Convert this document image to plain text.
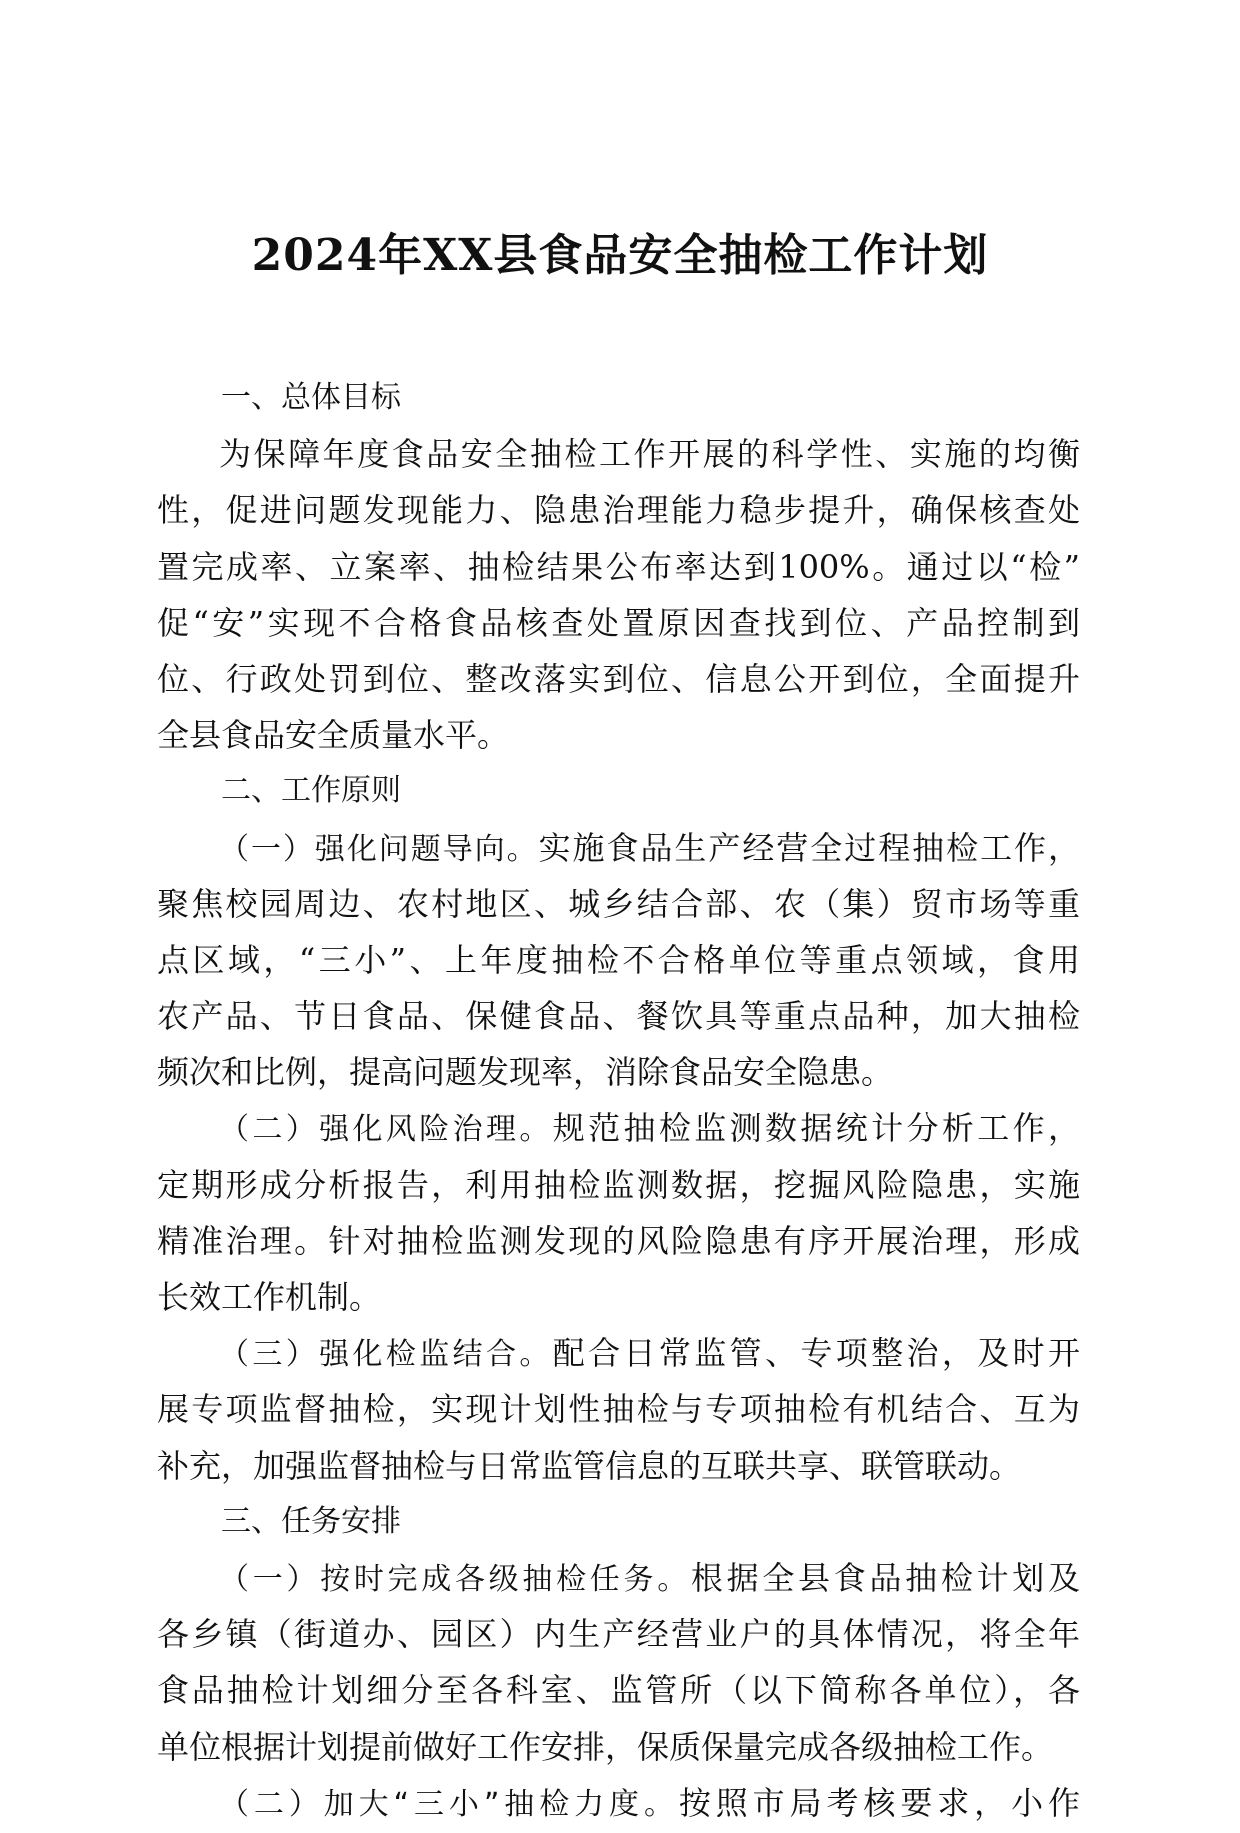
2024年XX县食品安全抽检工作计划
一、总体目标
为保障年度食品安全抽检工作开展的科学性、实施的均衡
性，促进问题发现能力、隐患治理能力稳步提升，确保核查处
置完成率、立案率、抽检结果公布率达到100%。通过以“检”
促“安”实现不合格食品核查处置原因查找到位、产品控制到
位、行政处罚到位、整改落实到位、信息公开到位，全面提升
全县食品安全质量水平。
二、工作原则
（一）强化问题导向。实施食品生产经营全过程抽检工作，
聚焦校园周边、农村地区、城乡结合部、农（集）贸市场等重
点区域，“三小”、上年度抽检不合格单位等重点领域，食用
农产品、节日食品、保健食品、餐饮具等重点品种，加大抽检
频次和比例，提高问题发现率，消除食品安全隐患。
（二）强化风险治理。规范抽检监测数据统计分析工作，
定期形成分析报告，利用抽检监测数据，挖掘风险隐患，实施
精准治理。针对抽检监测发现的风险隐患有序开展治理，形成
长效工作机制。
（三）强化检监结合。配合日常监管、专项整治，及时开
展专项监督抽检，实现计划性抽检与专项抽检有机结合、互为
补充，加强监督抽检与日常监管信息的互联共享、联管联动。
三、任务安排
（一）按时完成各级抽检任务。根据全县食品抽检计划及
各乡镇（街道办、园区）内生产经营业户的具体情况，将全年
食品抽检计划细分至各科室、监管所（以下简称各单位），各
单位根据计划提前做好工作安排，保质保量完成各级抽检工作。
（二）加大“三小”抽检力度。按照市局考核要求，小作
